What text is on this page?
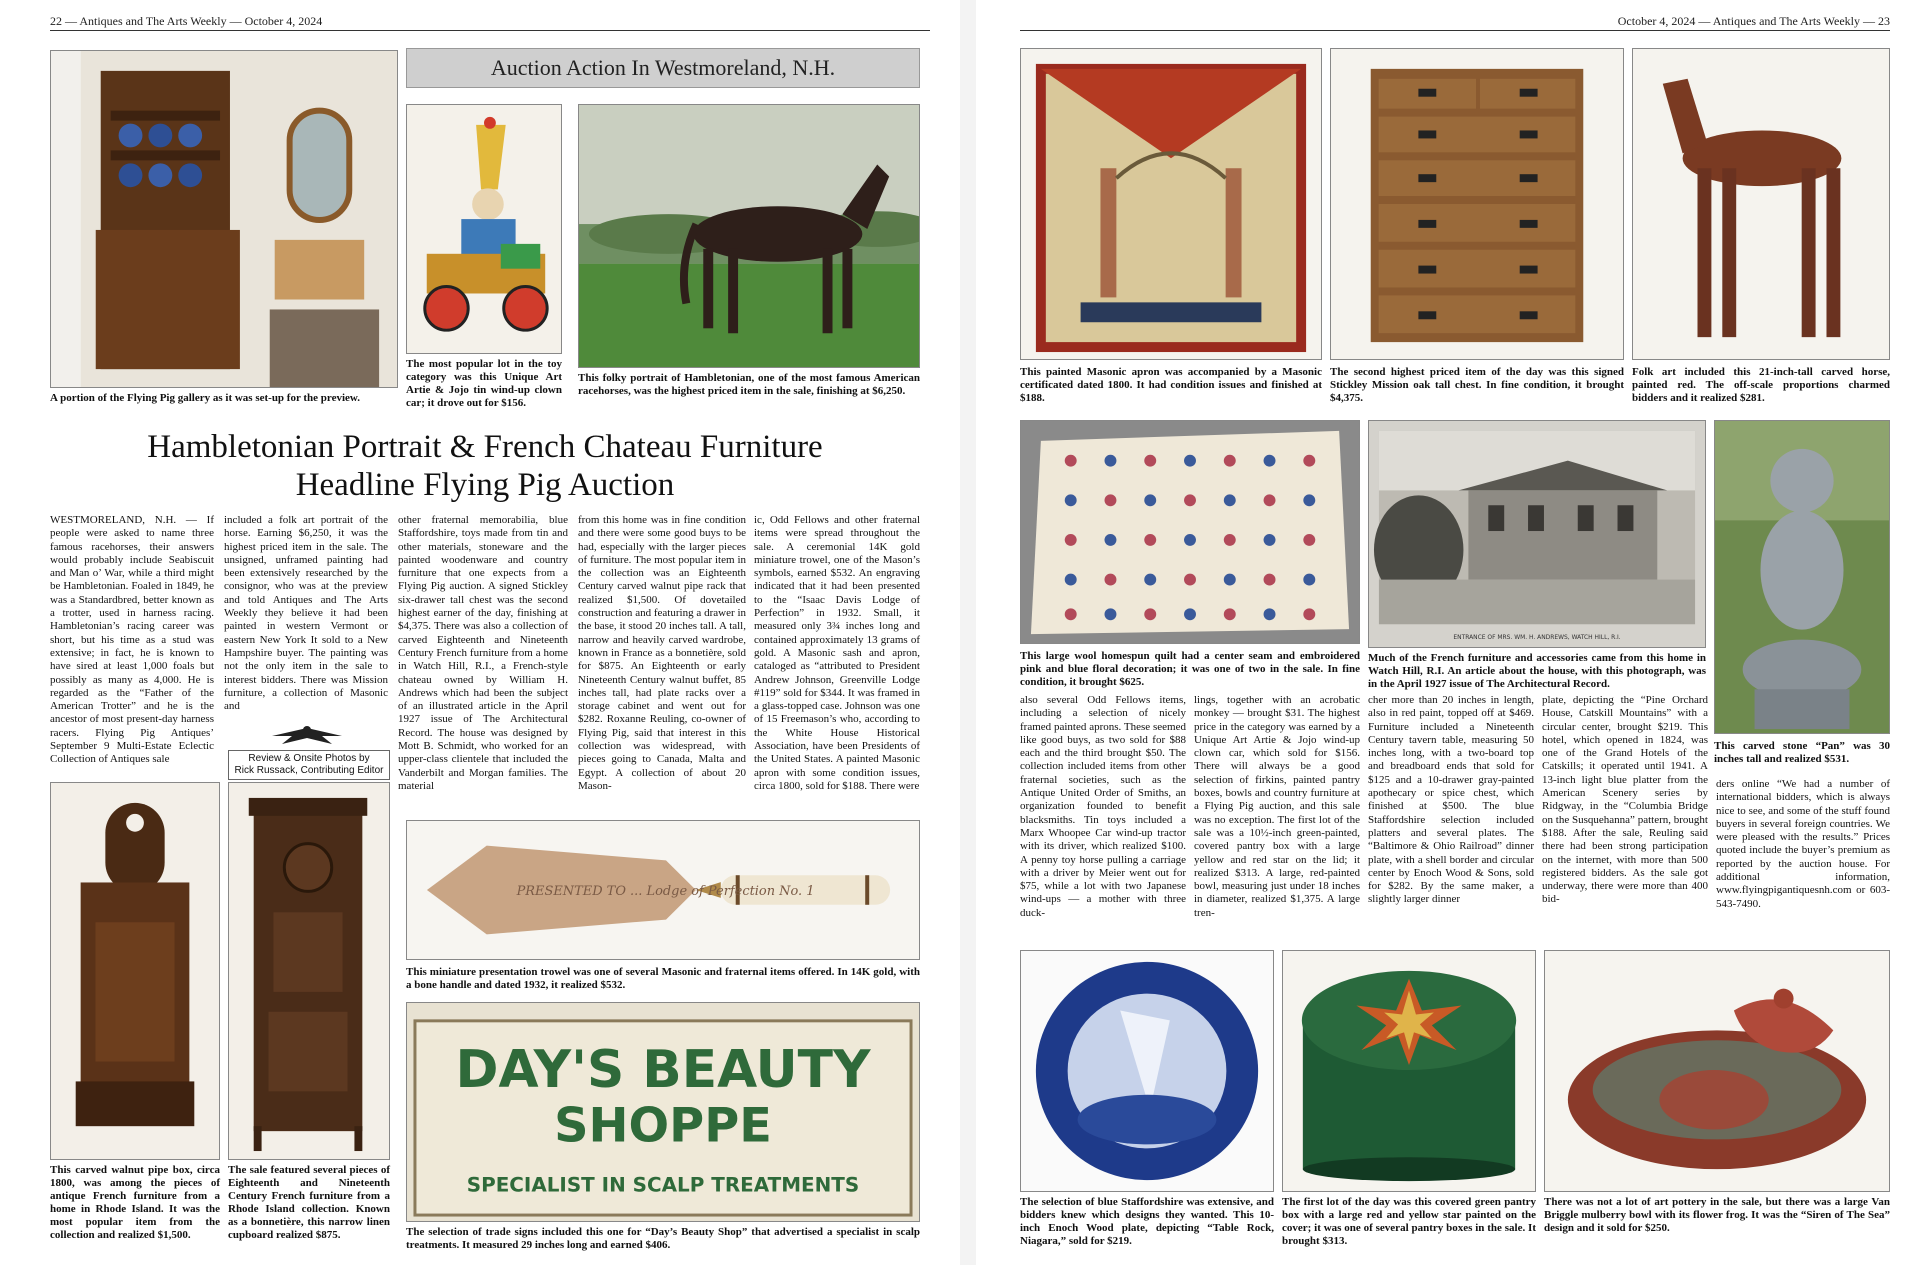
22 — Antiques and The Arts Weekly — October 4, 2024
A portion of the Flying Pig gallery as it was set-up for the preview.
Auction Action In Westmoreland, N.H.
The most popular lot in the toy category was this Unique Art Artie & Jojo tin wind-up clown car; it drove out for $156.
This folky portrait of Hambletonian, one of the most famous American racehorses, was the highest priced item in the sale, finishing at $6,250.
Hambletonian Portrait & French Chateau Furniture
Headline Flying Pig Auction
WESTMORELAND, N.H. — If people were asked to name three famous racehorses, their answers would probably include Seabiscuit and Man o’ War, while a third might be Hambletonian. Foaled in 1849, he was a Standardbred, better known as a trotter, used in harness racing. Hambletonian’s racing career was short, but his time as a stud was extensive; in fact, he is known to have sired at least 1,000 foals but possibly as many as 4,000. He is regarded as the “Father of the American Trotter” and he is the ancestor of most present-day harness racers. Flying Pig Antiques’ September 9 Multi-Estate Eclectic Collection of Antiques sale
included a folk art portrait of the horse. Earning $6,250, it was the highest priced item in the sale. The unsigned, unframed painting had been extensively researched by the consignor, who was at the preview and told Antiques and The Arts Weekly they believe it had been painted in western Vermont or eastern New York It sold to a New Hampshire buyer. The painting was not the only item in the sale to interest bidders. There was Mission furniture, a collection of Masonic and
other fraternal memorabilia, blue Staffordshire, toys made from tin and other materials, stoneware and the painted woodenware and country furniture that one expects from a Flying Pig auction. A signed Stickley six-drawer tall chest was the second highest earner of the day, finishing at $4,375. There was also a collection of carved Eighteenth and Nineteenth Century French furniture from a home in Watch Hill, R.I., a French-style chateau owned by William H. Andrews which had been the subject of an illustrated article in the April 1927 issue of The Architectural Record. The house was designed by Mott B. Schmidt, who worked for an upper-class clientele that included the Vanderbilt and Morgan families. The material
from this home was in fine condition and there were some good buys to be had, especially with the larger pieces of furniture. The most popular item in the collection was an Eighteenth Century carved walnut pipe rack that realized $1,500. Of dovetailed construction and featuring a drawer in the base, it stood 20 inches tall. A tall, narrow and heavily carved wardrobe, known in France as a bonnetière, sold for $875. An Eighteenth or early Nineteenth Century walnut buffet, 85 inches tall, had plate racks over a storage cabinet and went out for $282. Roxanne Reuling, co-owner of Flying Pig, said that interest in this collection was widespread, with pieces going to Canada, Malta and Egypt. A collection of about 20 Mason-
ic, Odd Fellows and other fraternal items were spread throughout the sale. A ceremonial 14K gold miniature trowel, one of the Mason’s symbols, earned $532. An engraving indicated that it had been presented to the “Isaac Davis Lodge of Perfection” in 1932. Small, it measured only 3¾ inches long and contained approximately 13 grams of gold. A Masonic sash and apron, cataloged as “attributed to President Andrew Johnson, Greenville Lodge #119” sold for $344. It was framed in a glass-topped case. Johnson was one of 15 Freemason’s who, according to the White House Historical Association, have been Presidents of the United States. A painted Masonic apron with some condition issues, circa 1800, sold for $188. There were
Review & Onsite Photos by
Rick Russack, Contributing Editor
This carved walnut pipe box, circa 1800, was among the pieces of antique French furniture from a home in Rhode Island. It was the most popular item from the collection and realized $1,500.
The sale featured several pieces of Eighteenth and Nineteenth Century French furniture from a Rhode Island collection. Known as a bonnetière, this narrow linen cupboard realized $875.
PRESENTED TO ... Lodge of Perfection No. 1
This miniature presentation trowel was one of several Masonic and fraternal items offered. In 14K gold, with a bone handle and dated 1932, it realized $532.
DAY'S BEAUTY
SHOPPE
SPECIALIST IN SCALP TREATMENTS
The selection of trade signs included this one for “Day’s Beauty Shop” that advertised a specialist in scalp treatments. It measured 29 inches long and earned $406.
October 4, 2024 — Antiques and The Arts Weekly — 23
This painted Masonic apron was accompanied by a Masonic certificated dated 1800. It had condition issues and finished at $188.
The second highest priced item of the day was this signed Stickley Mission oak tall chest. In fine condition, it brought $4,375.
Folk art included this 21-inch-tall carved horse, painted red. The off-scale proportions charmed bidders and it realized $281.
This large wool homespun quilt had a center seam and embroidered pink and blue floral decoration; it was one of two in the sale. In fine condition, it brought $625.
ENTRANCE OF MRS. WM. H. ANDREWS, WATCH HILL, R.I.
Much of the French furniture and accessories came from this home in Watch Hill, R.I. An article about the house, with this photograph, was in the April 1927 issue of The Architectural Record.
This carved stone “Pan” was 30 inches tall and realized $531.
also several Odd Fellows items, including a selection of nicely framed painted aprons. These seemed like good buys, as two sold for $88 each and the third brought $50. The collection included items from other fraternal societies, such as the Antique United Order of Smiths, an organization founded to benefit blacksmiths. Tin toys included a Marx Whoopee Car wind-up tractor with its driver, which realized $100. A penny toy horse pulling a carriage with a driver by Meier went out for $75, while a lot with two Japanese wind-ups — a mother with three duck-
lings, together with an acrobatic monkey — brought $31. The highest price in the category was earned by a Unique Art Artie & Jojo wind-up clown car, which sold for $156. There will always be a good selection of firkins, painted pantry boxes, bowls and country furniture at a Flying Pig auction, and this sale was no exception. The first lot of the sale was a 10½-inch green-painted, covered pantry box with a large yellow and red star on the lid; it realized $313. A large, red-painted bowl, measuring just under 18 inches in diameter, realized $1,375. A large tren-
cher more than 20 inches in length, also in red paint, topped off at $469. Furniture included a Nineteenth Century tavern table, measuring 50 inches long, with a two-board top and breadboard ends that sold for $125 and a 10-drawer gray-painted apothecary or spice chest, which finished at $500. The blue Staffordshire selection included platters and several plates. The “Baltimore & Ohio Railroad” dinner plate, with a shell border and circular center by Enoch Wood & Sons, sold for $282. By the same maker, a slightly larger dinner
plate, depicting the “Pine Orchard House, Catskill Mountains” with a circular center, brought $219. This hotel, which opened in 1824, was one of the Grand Hotels of the Catskills; it operated until 1941. A 13-inch light blue platter from the American Scenery series by Ridgway, in the “Columbia Bridge on the Susquehanna” pattern, brought $188. After the sale, Reuling said there had been strong participation on the internet, with more than 500 registered bidders. As the sale got underway, there were more than 400 bid-
ders online “We had a number of international bidders, which is always nice to see, and some of the stuff found buyers in several foreign countries. We were pleased with the results.” Prices quoted include the buyer’s premium as reported by the auction house. For additional information, www.flyingpigantiquesnh.com or 603-543-7490.
The selection of blue Staffordshire was extensive, and bidders knew which designs they wanted. This 10-inch Enoch Wood plate, depicting “Table Rock, Niagara,” sold for $219.
The first lot of the day was this covered green pantry box with a large red and yellow star painted on the cover; it was one of several pantry boxes in the sale. It brought $313.
There was not a lot of art pottery in the sale, but there was a large Van Briggle mulberry bowl with its flower frog. It was the “Siren of The Sea” design and it sold for $250.
